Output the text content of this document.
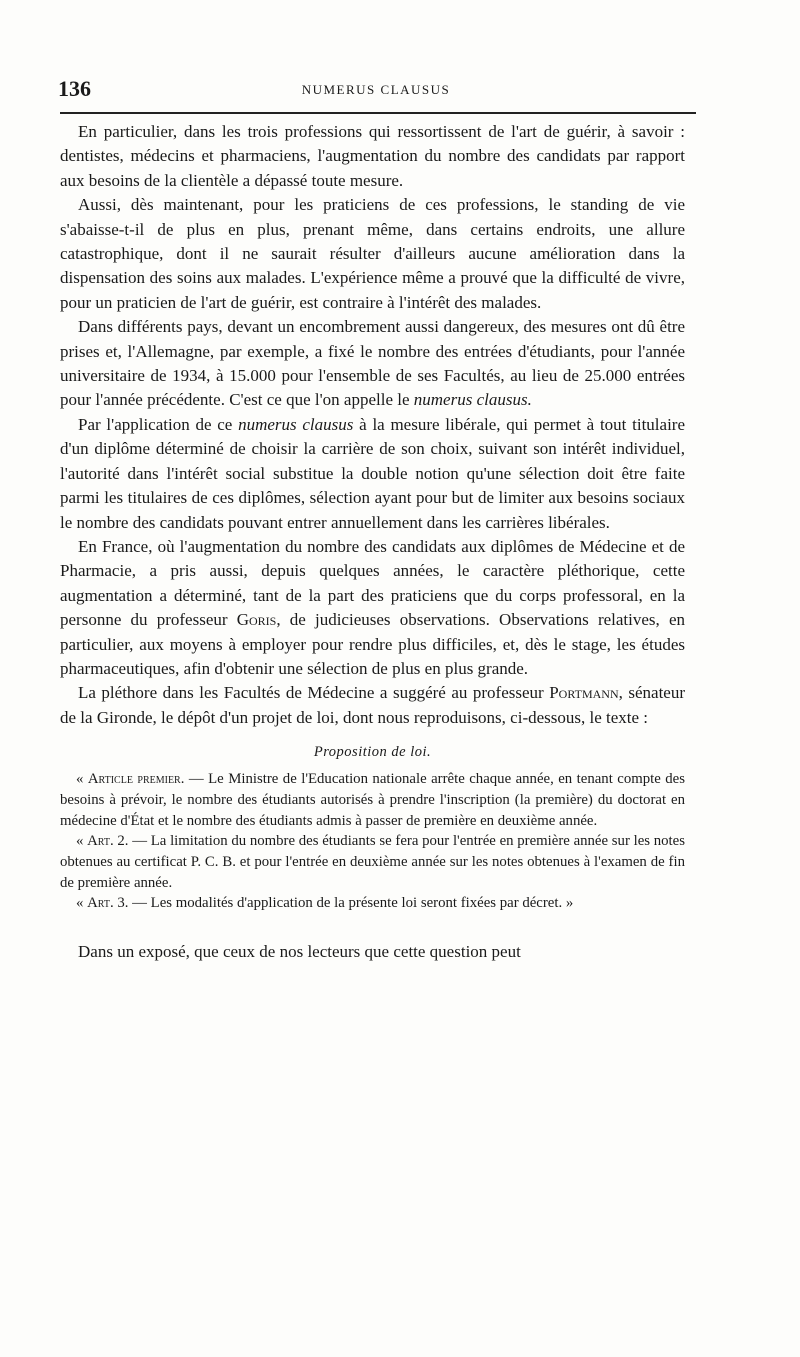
136	NUMERUS CLAUSUS

En particulier, dans les trois professions qui ressortissent de l'art de guérir, à savoir : dentistes, médecins et pharmaciens, l'augmentation du nombre des candidats par rapport aux besoins de la clientèle a dépassé toute mesure.

Aussi, dès maintenant, pour les praticiens de ces professions, le standing de vie s'abaisse-t-il de plus en plus, prenant même, dans certains endroits, une allure catastrophique, dont il ne saurait résulter d'ailleurs aucune amélioration dans la dispensation des soins aux malades. L'expérience même a prouvé que la difficulté de vivre, pour un praticien de l'art de guérir, est contraire à l'intérêt des malades.

Dans différents pays, devant un encombrement aussi dangereux, des mesures ont dû être prises et, l'Allemagne, par exemple, a fixé le nombre des entrées d'étudiants, pour l'année universitaire de 1934, à 15.000 pour l'ensemble de ses Facultés, au lieu de 25.000 entrées pour l'année précédente. C'est ce que l'on appelle le numerus clausus.

Par l'application de ce numerus clausus à la mesure libérale, qui permet à tout titulaire d'un diplôme déterminé de choisir la carrière de son choix, suivant son intérêt individuel, l'autorité dans l'intérêt social substitue la double notion qu'une sélection doit être faite parmi les titulaires de ces diplômes, sélection ayant pour but de limiter aux besoins sociaux le nombre des candidats pouvant entrer annuellement dans les carrières libérales.

En France, où l'augmentation du nombre des candidats aux diplômes de Médecine et de Pharmacie, a pris aussi, depuis quelques années, le caractère pléthorique, cette augmentation a déterminé, tant de la part des praticiens que du corps professoral, en la personne du professeur Goris, de judicieuses observations. Observations relatives, en particulier, aux moyens à employer pour rendre plus difficiles, et, dès le stage, les études pharmaceutiques, afin d'obtenir une sélection de plus en plus grande.

La pléthore dans les Facultés de Médecine a suggéré au professeur Portmann, sénateur de la Gironde, le dépôt d'un projet de loi, dont nous reproduisons, ci-dessous, le texte :

Proposition de loi.

« Article premier. — Le Ministre de l'Education nationale arrête chaque année, en tenant compte des besoins à prévoir, le nombre des étudiants autorisés à prendre l'inscription (la première) du doctorat en médecine d'État et le nombre des étudiants admis à passer de première en deuxième année.

« Art. 2. — La limitation du nombre des étudiants se fera pour l'entrée en première année sur les notes obtenues au certificat P. C. B. et pour l'entrée en deuxième année sur les notes obtenues à l'examen de fin de première année.

« Art. 3. — Les modalités d'application de la présente loi seront fixées par décret. »

Dans un exposé, que ceux de nos lecteurs que cette question peut
